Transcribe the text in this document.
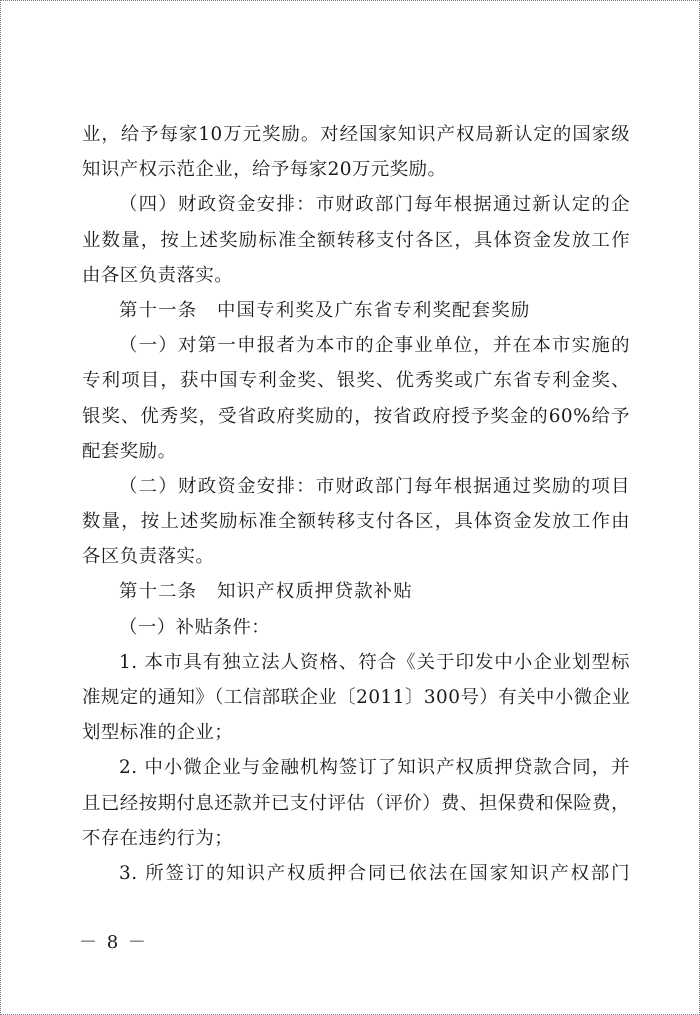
业，给予每家10万元奖励。对经国家知识产权局新认定的国家级
知识产权示范企业，给予每家20万元奖励。
（四）财政资金安排：市财政部门每年根据通过新认定的企
业数量，按上述奖励标准全额转移支付各区，具体资金发放工作
由各区负责落实。
第十一条　中国专利奖及广东省专利奖配套奖励
（一）对第一申报者为本市的企事业单位，并在本市实施的
专利项目，获中国专利金奖、银奖、优秀奖或广东省专利金奖、
银奖、优秀奖，受省政府奖励的，按省政府授予奖金的60%给予
配套奖励。
（二）财政资金安排：市财政部门每年根据通过奖励的项目
数量，按上述奖励标准全额转移支付各区，具体资金发放工作由
各区负责落实。
第十二条　知识产权质押贷款补贴
（一）补贴条件：
1. 本市具有独立法人资格、符合《关于印发中小企业划型标
准规定的通知》（工信部联企业〔2011〕300号）有关中小微企业
划型标准的企业；
2. 中小微企业与金融机构签订了知识产权质押贷款合同，并
且已经按期付息还款并已支付评估（评价）费、担保费和保险费，
不存在违约行为；
3. 所签订的知识产权质押合同已依法在国家知识产权部门
－ 8 －
